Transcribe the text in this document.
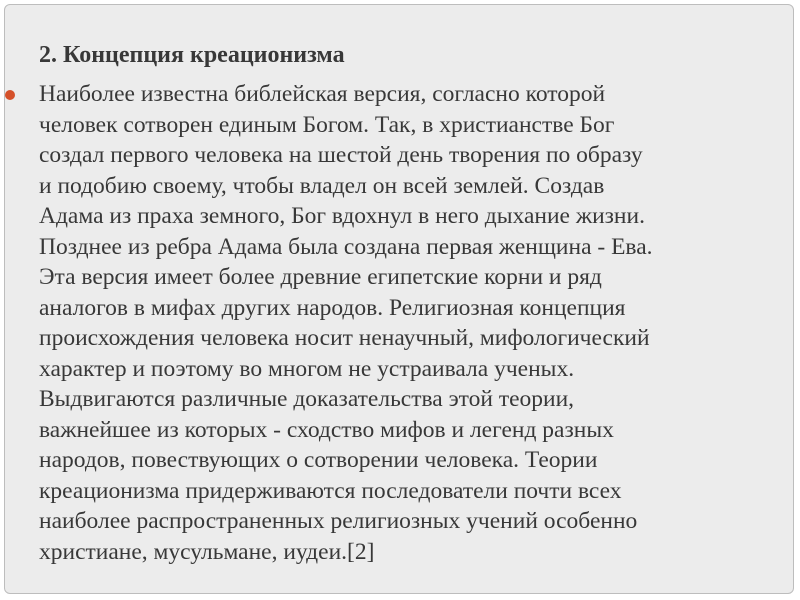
2. Концепция креационизма

Наиболее известна библейская версия, согласно которой
человек сотворен единым Богом. Так, в христианстве Бог
создал первого человека на шестой день творения по образу
и подобию своему, чтобы владел он всей землей. Создав
Адама из праха земного, Бог вдохнул в него дыхание жизни.
Позднее из ребра Адама была создана первая женщина - Ева.
Эта версия имеет более древние египетские корни и ряд
аналогов в мифах других народов. Религиозная концепция
происхождения человека носит ненаучный, мифологический
характер и поэтому во многом не устраивала ученых.
Выдвигаются различные доказательства этой теории,
важнейшее из которых - сходство мифов и легенд разных
народов, повествующих о сотворении человека. Теории
креационизма придерживаются последователи почти всех
наиболее распространенных религиозных учений особенно
христиане, мусульмане, иудеи.[2]
